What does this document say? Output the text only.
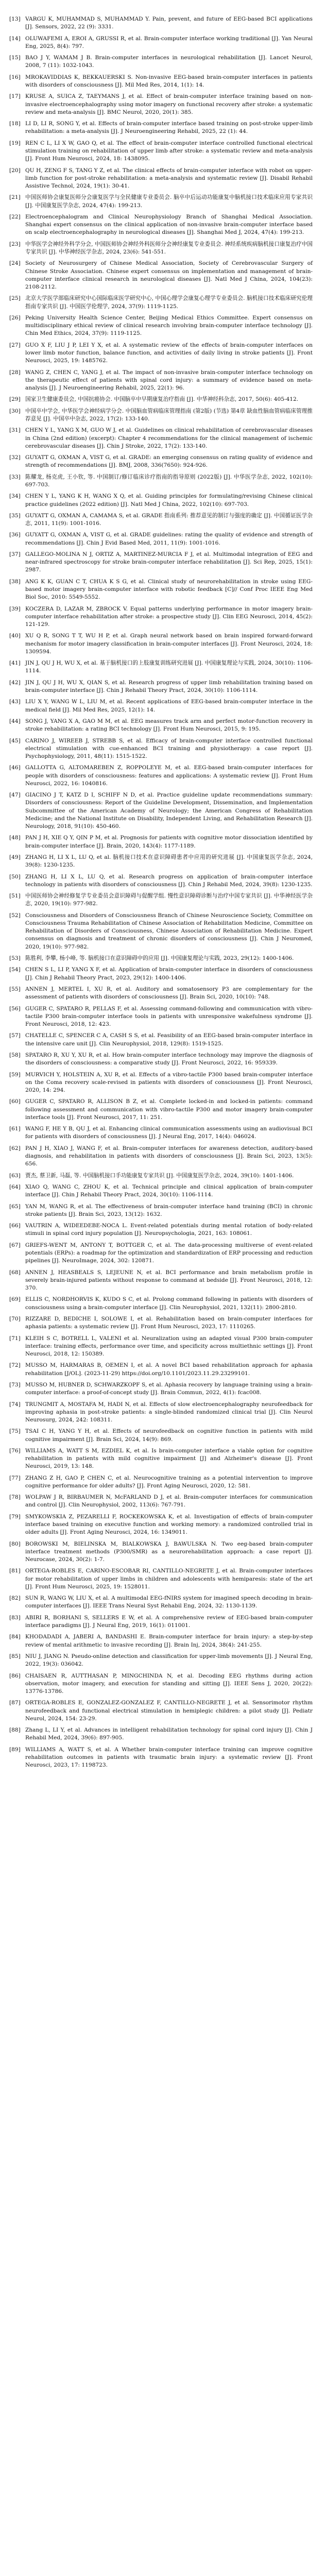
[13] VARGU K, MUHAMMAD S, MUHAMMAD Y. Pain, prevent, and future of EEG-based BCI applications [J]. Sensors, 2022, 22 (9): 3331.
[14] OLUWAFEMI A, EROI A, GRUSSI R, et al. Brain-computer interface working traditional [J]. Yan Neural Eng, 2025, 8(4): 797.
[15] BAO J Y, WAMAM J B. Brain-computer interfaces in neurological rehabilitation [J]. Lancet Neurol, 2008, 7 (11): 1032-1043.
[16] MROKAVIDDIAS K, BEKKAUERSKI S. Non-invasive EEG-based brain-computer interfaces in patients with disorders of consciousness [J]. Mil Med Res, 2014, 1(1): 14.
[17] KRUSE A, SUICA Z, TAEYMANS J, et al. Effect of brain-computer interface training based on non-invasive electroencephalography using motor imagery on functional recovery after stroke: a systematic review and meta-analysis [J]. BMC Neurol, 2020, 20(1): 385.
[18] LI D, LI R, SONG Y, et al. Effects of brain-computer interface based training on post-stroke upper-limb rehabilitation: a meta-analysis [J]. J Neuroengineering Rehabil, 2025, 22 (1): 44.
[19] REN C L, LI X W, GAO Q, et al. The effect of brain-computer interface controlled functional electrical stimulation training on rehabilitation of upper limb after stroke: a systematic review and meta-analysis [J]. Front Hum Neurosci, 2024, 18: 1438095.
[20] QU H, ZENG F S, TANG Y Z, et al. The clinical effects of brain-computer interface with robot on upper-limb function for post-stroke rehabilitation: a meta-analysis and systematic review [J]. Disabil Rehabil Assistive Technol, 2024, 19(1): 30-41.
[21] 中国医师协会康复医师分会康复医学与全民健康专业委员会. 脑卒中后运动功能康复中脑机接口技术临床应用专家共识 [J]. 中国康复医学杂志, 2024, 47(4): 199-213.
[22] Electroencephalogram and Clinical Neurophysiology Branch of Shanghai Medical Association. Shanghai expert consensus on the clinical application of non-invasive brain-computer interface based on scalp electroencephalography in neurological diseases [J]. Shanghai Med J, 2024, 47(4): 199-213.
[23] 中华医学会神经外科学分会, 中国医师协会神经外科医师分会神经康复专业委员会. 神经系统疾病脑机接口康复治疗中国专家共识 [J]. 中华神经医学杂志, 2024, 23(6): 541-551.
[24] Society of Neurosurgery of Chinese Medical Association, Society of Cerebrovascular Surgery of Chinese Stroke Association. Chinese expert consensus on implementation and management of brain-computer interface clinical research in neurological diseases [J]. Natl Med J China, 2024, 104(23): 2108-2112.
[25] 北京大学医学部临床研究中心国际临床医学研究中心, 中国心理学会康复心理学专业委员会. 脑机接口技术临床研究伦理指南专家共识 [J]. 中国医学伦理学, 2024, 37(9): 1119-1125.
[26] Peking University Health Science Center, Beijing Medical Ethics Committee. Expert consensus on multidisciplinary ethical review of clinical research involving brain-computer interface technology [J]. Chin Med Ethics, 2024, 37(9): 1119-1125.
[27] GUO X F, LIU J P, LEI Y X, et al. A systematic review of the effects of brain-computer interfaces on lower limb motor function, balance function, and activities of daily living in stroke patients [J]. Front Neurosci, 2025, 19: 1485762.
[28] WANG Z, CHEN C, YANG J, et al. The impact of non-invasive brain-computer interface technology on the therapeutic effect of patients with spinal cord injury: a summary of evidence based on meta-analysis [J]. J Neuroengineering Rehabil, 2025, 22(1): 96.
[29] 国家卫生健康委员会, 中国抗癌协会. 中国脑卒中早期康复治疗指南 [J]. 中华神经科杂志, 2017, 50(6): 405-412.
[30] 中国卒中学会, 中华医学会神经病学分会. 中国脑血管病临床管理指南 (第2版) (节选) 第4章 缺血性脑血管病临床管理推荐意见 [J]. 中国卒中杂志, 2022, 17(2): 133-140.
[31] CHEN Y L, YANG X M, GUO W J, et al. Guidelines on clinical rehabilitation of cerebrovascular diseases in China (2nd edition) (excerpt): Chapter 4 recommendations for the clinical management of ischemic cerebrovascular diseases [J]. Chin J Stroke, 2022, 17(2): 133-140.
[32] GUYATT G, OXMAN A, VIST G, et al. GRADE: an emerging consensus on rating quality of evidence and strength of recommendations [J]. BMJ, 2008, 336(7650): 924-926.
[33] 陈耀龙, 杨克虎, 王小钦, 等. 中国制订/修订临床诊疗指南的指导原则 (2022版) [J]. 中华医学杂志, 2022, 102(10): 697-703.
[34] CHEN Y L, YANG K H, WANG X Q, et al. Guiding principles for formulating/revising Chinese clinical practice guidelines (2022 edition) [J]. Natl Med J China, 2022, 102(10): 697-703.
[35] GUYATT G, OXMAN A, CAMAMA S, et al. GRADE 指南系列: 推荐意见的制订与强度的确定 [J]. 中国循证医学杂志, 2011, 11(9): 1001-1016.
[36] GUYATT G, OXMAN A, VIST G, et al. GRADE guidelines: rating the quality of evidence and strength of recommendations [J]. Chin J Evid Based Med, 2011, 11(9): 1001-1016.
[37] GALLEGO-MOLINA N J, ORTIZ A, MARTINEZ-MURCIA F J, et al. Multimodal integration of EEG and near-infrared spectroscopy for stroke brain-computer interface rehabilitation [J]. Sci Rep, 2025, 15(1): 2987.
[38] ANG K K, GUAN C T, CHUA K S G, et al. Clinical study of neurorehabilitation in stroke using EEG-based motor imagery brain-computer interface with robotic feedback [C]// Conf Proc IEEE Eng Med Biol Soc, 2010: 5549-5552.
[39] KOCZERA D, LAZAR M, ZBROCK V. Equal patterns underlying performance in motor imagery brain-computer interface rehabilitation after stroke: a prospective study [J]. Clin EEG Neurosci, 2014, 45(2): 121-129.
[40] XU Q R, SONG T T, WU H P, et al. Graph neural network based on brain inspired forward-forward mechanism for motor imagery classification in brain-computer interfaces [J]. Front Neurosci, 2024, 18: 1309594.
[41] JIN J, QU J H, WU X, et al. 基于脑机接口的上肢康复训练研究进展 [J]. 中国康复理论与实践, 2024, 30(10): 1106-1114.
[42] JIN J, QU J H, WU X, QIAN S, et al. Research progress of upper limb rehabilitation training based on brain-computer interface [J]. Chin J Rehabil Theory Pract, 2024, 30(10): 1106-1114.
[43] LIU X Y, WANG W L, LIU M, et al. Recent applications of EEG-based brain-computer interface in the medical field [J]. Mil Med Res, 2025, 12(1): 14.
[44] SONG J, YANG X A, GAO M M, et al. EEG measures track arm and perfect motor-function recovery in stroke rehabilitation: a rating BCI technology [J]. Front Hum Neurosci, 2015, 9: 195.
[45] CARINO J, WIREEB J, STREBB S, et al. Efficacy of brain-computer interface controlled functional electrical stimulation with cue-enhanced BCI training and physiotherapy: a case report [J]. Psychophysiology, 2011, 48(11): 1515-1522.
[46] GALLOTTA G, ALTOMAREBEN Z, ROPPOLEYE M, et al. EEG-based brain-computer interfaces for people with disorders of consciousness: features and applications: A systematic review [J]. Front Hum Neurosci, 2022, 16: 1040816.
[47] GIACINO J T, KATZ D I, SCHIFF N D, et al. Practice guideline update recommendations summary: Disorders of consciousness: Report of the Guideline Development, Dissemination, and Implementation Subcommittee of the American Academy of Neurology; the American Congress of Rehabilitation Medicine; and the National Institute on Disability, Independent Living, and Rehabilitation Research [J]. Neurology, 2018, 91(10): 450-460.
[48] PAN J H, XIE Q Y, QIN P M, et al. Prognosis for patients with cognitive motor dissociation identified by brain-computer interface [J]. Brain, 2020, 143(4): 1177-1189.
[49] ZHANG H, LI X L, LU Q, et al. 脑机接口技术在意识障碍患者中应用的研究进展 [J]. 中国康复医学杂志, 2024, 39(8): 1230-1235.
[50] ZHANG H, LI X L, LU Q, et al. Research progress on application of brain-computer interface technology in patients with disorders of consciousness [J]. Chin J Rehabil Med, 2024, 39(8): 1230-1235.
[51] 中国医师协会神经修复学专业委员会意识障碍与促醒学组. 慢性意识障碍诊断与治疗中国专家共识 [J]. 中华神经医学杂志, 2020, 19(10): 977-982.
[52] Consciousness and Disorders of Consciousness Branch of Chinese Neuroscience Society, Committee on Consciousness Trauma Rehabilitation of Chinese Association of Rehabilitation Medicine, Committee on Rehabilitation of Disorders of Consciousness, Chinese Association of Rehabilitation Medicine. Expert consensus on diagnosis and treatment of chronic disorders of consciousness [J]. Chin J Neuromed, 2020, 19(10): 977-982.
[53] 陈胜利, 李攀, 杨小峰, 等. 脑机接口在意识障碍中的应用 [J]. 中国康复理论与实践, 2023, 29(12): 1400-1406.
[54] CHEN S L, LI P, YANG X F, et al. Application of brain-computer interface in disorders of consciousness [J]. Chin J Rehabil Theory Pract, 2023, 29(12): 1400-1406.
[55] ANNEN J, MERTEL I, XU R, et al. Auditory and somatosensory P3 are complementary for the assessment of patients with disorders of consciousness [J]. Brain Sci, 2020, 10(10): 748.
[56] GUGER C, SPATARO R, PELLAS F, et al. Assessing command-following and communication with vibro-tactile P300 brain-computer interface tools in patients with unresponsive wakefulness syndrome [J]. Front Neurosci, 2018, 12: 423.
[57] CHATELLE C, SPENCER C A, CASH S S, et al. Feasibility of an EEG-based brain-computer interface in the intensive care unit [J]. Clin Neurophysiol, 2018, 129(8): 1519-1525.
[58] SPATARO R, XU Y, XU R, et al. How brain-computer interface technology may improve the diagnosis of the disorders of consciousness: a comparative study [J]. Front Neurosci, 2022, 16: 959339.
[59] MURVICH Y, HOLSTEIN A, XU R, et al. Effects of a vibro-tactile P300 based brain-computer interface on the Coma recovery scale-revised in patients with disorders of consciousness [J]. Front Neurosci, 2020, 14: 294.
[60] GUGER C, SPATARO R, ALLISON B Z, et al. Complete locked-in and locked-in patients: command following assessment and communication with vibro-tactile P300 and motor imagery brain-computer interface tools [J]. Front Neurosci, 2017, 11: 251.
[61] WANG F, HE Y B, QU J, et al. Enhancing clinical communication assessments using an audiovisual BCI for patients with disorders of consciousness [J]. J Neural Eng, 2017, 14(4): 046024.
[62] PAN J H, XIAO J, WANG F, et al. Brain-computer interfaces for awareness detection, auditory-based diagnosis, and rehabilitation in patients with disorders of consciousness [J]. Brain Sci, 2023, 13(5): 656.
[63] 贾杰, 蔡卫新, 马磊, 等. 中国脑机接口手功能康复专家共识 [J]. 中国康复医学杂志, 2024, 39(10): 1401-1406.
[64] XIAO Q, WANG C, ZHOU K, et al. Technical principle and clinical application of brain-computer interface [J]. Chin J Rehabil Theory Pract, 2024, 30(10): 1106-1114.
[65] YAN M, WANG R, et al. The effectiveness of brain-computer interface hand training (BCI) in chronic stroke patients [J]. Brain Sci, 2023, 13(12): 1632.
[66] VAUTRIN A, WIDEEDEBE-NOCA L. Event-related potentials during mental rotation of body-related stimuli in spinal cord injury population [J]. Neuropsychologia, 2021, 163: 108061.
[67] GRIEFS-WENT M, ANTONY T, BOTTGER C, et al. The data-processing multiverse of event-related potentials (ERPs): a roadmap for the optimization and standardization of ERP processing and reduction pipelines [J]. NeuroImage, 2024, 302: 120871.
[68] ANNEN J, HEASBEALS S, LEJEUNE N, et al. BCI performance and brain metabolism profile in severely brain-injured patients without response to command at bedside [J]. Front Neurosci, 2018, 12: 370.
[69] ELLIS C, NORDHORVIS K, KUDO S C, et al. Prolong command following in patients with disorders of consciousness using a brain-computer interface [J]. Clin Neurophysiol, 2021, 132(11): 2800-2810.
[70] RIZZARE D, BEDICHE I, SOLOWE I, et al. Rehabilitation based on brain-computer interfaces for aphasia patients: a systematic review [J]. Front Hum Neurosci, 2023, 17: 1110265.
[71] KLEIH S C, BOTRELL L, VALENI et al. Neuralization using an adapted visual P300 brain-computer interface: training effects, performance over time, and specificity across multiethnic settings [J]. Front Neurosci, 2018, 12: 150389.
[72] MUSSO M, HARMARAS B, OEMEN I, et al. A novel BCI based rehabilitation approach for aphasia rehabilitation [J/OL]. (2023-11-29) https://doi.org/10.1101/2023.11.29.23299101.
[73] MUSSO M, HUBNER D, SCHWARZKOPF S, et al. Aphasia recovery by language training using a brain-computer interface: a proof-of-concept study [J]. Brain Commun, 2022, 4(1): fcac008.
[74] TRUNGMIT A, MOSTAFA M, HADI N, et al. Effects of slow electroencephalography neurofeedback for improving aphasia in post-stroke patients: a single-blinded randomized clinical trial [J]. Clin Neurol Neurosurg, 2024, 242: 108311.
[75] TSAI C H, YANG Y H, et al. Effects of neurofeedback on cognitive function in patients with mild cognitive impairment [J]. Brain Sci, 2024, 14(9): 869.
[76] WILLIAMS A, WATT S M, EZDIEL K, et al. Is brain-computer interface a viable option for cognitive rehabilitation in patients with mild cognitive impairment [J] and Alzheimer's disease [J]. Front Neurosci, 2019, 13: 148.
[77] ZHANG Z H, GAO P, CHEN C, et al. Neurocognitive training as a potential intervention to improve cognitive performance for older adults? [J]. Front Aging Neurosci, 2020, 12: 581.
[78] WOLPAW J R, BIRBAUMER N, McFARLAND D J, et al. Brain-computer interfaces for communication and control [J]. Clin Neurophysiol, 2002, 113(6): 767-791.
[79] SMYKOWSKIA Z, PEZARELLI F, ROCKEKOWSKA K, et al. Investigation of effects of brain-computer interface based training on executive function and working memory: a randomized controlled trial in older adults [J]. Front Aging Neurosci, 2024, 16: 1349011.
[80] BOROWSKI M, BIELINSKA M, BIALKOWSKA J, BAWULSKA N. Two eeg-based brain-computer interface treatment methods (P300/SMR) as a neurorehabilitation approach: a case report [J]. Neurocase, 2024, 30(2): 1-7.
[81] ORTEGA-ROBLES E, CARINO-ESCOBAR RI, CANTILLO-NEGRETE J, et al. Brain-computer interfaces for motor rehabilitation of upper limbs in children and adolescents with hemiparesis: state of the art [J]. Front Hum Neurosci, 2025, 19: 1528011.
[82] SUN R, WANG W, LIU X, et al. A multimodal EEG-fNIRS system for imagined speech decoding in brain-computer interfaces [J]. IEEE Trans Neural Syst Rehabil Eng, 2024, 32: 1130-1139.
[83] ABIRI R, BORHANI S, SELLERS E W, et al. A comprehensive review of EEG-based brain-computer interface paradigms [J]. J Neural Eng, 2019, 16(1): 011001.
[84] KHODADADI A, JABERI A, BANDASHI E. Brain-computer interface for brain injury: a step-by-step review of mental arithmetic to invasive recording [J]. Brain Inj, 2024, 38(4): 241-255.
[85] NIU J, JIANG N. Pseudo-online detection and classification for upper-limb movements [J]. J Neural Eng, 2022, 19(3): 036042.
[86] CHAISAEN R, AUTTHASAN P, MINGCHINDA N, et al. Decoding EEG rhythms during action observation, motor imagery, and execution for standing and sitting [J]. IEEE Sens J, 2020, 20(22): 13776-13786.
[87] ORTEGA-ROBLES E, GONZALEZ-GONZALEZ F, CANTILLO-NEGRETE J, et al. Sensorimotor rhythm neurofeedback and functional electrical stimulation in hemiplegic children: a pilot study [J]. Pediatr Neurol, 2024, 154: 23-29.
[88] Zhang L, LI Y, et al. Advances in intelligent rehabilitation technology for spinal cord injury [J]. Chin J Rehabil Med, 2024, 39(6): 897-905.
[89] WILLIAMS A, WATT S, et al. A Whether brain-computer interface training can improve cognitive rehabilitation outcomes in patients with traumatic brain injury: a systematic review [J]. Front Neurosci, 2023, 17: 1198723.
